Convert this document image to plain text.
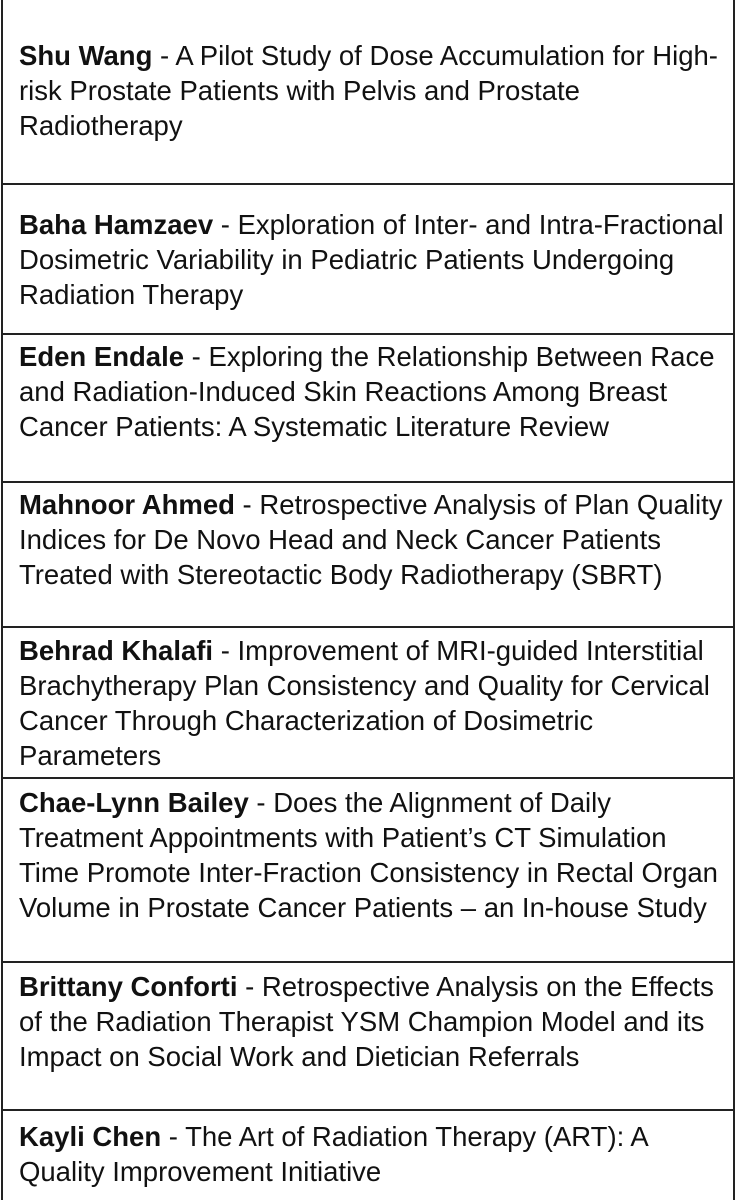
Shu Wang - A Pilot Study of Dose Accumulation for High-risk Prostate Patients with Pelvis and Prostate Radiotherapy
Baha Hamzaev - Exploration of Inter- and Intra-Fractional Dosimetric Variability in Pediatric Patients Undergoing Radiation Therapy
Eden Endale - Exploring the Relationship Between Race and Radiation-Induced Skin Reactions Among Breast Cancer Patients: A Systematic Literature Review
Mahnoor Ahmed - Retrospective Analysis of Plan Quality Indices for De Novo Head and Neck Cancer Patients Treated with Stereotactic Body Radiotherapy (SBRT)
Behrad Khalafi - Improvement of MRI-guided Interstitial Brachytherapy Plan Consistency and Quality for Cervical Cancer Through Characterization of Dosimetric Parameters
Chae-Lynn Bailey - Does the Alignment of Daily Treatment Appointments with Patient’s CT Simulation Time Promote Inter-Fraction Consistency in Rectal Organ Volume in Prostate Cancer Patients – an In-house Study
Brittany Conforti - Retrospective Analysis on the Effects of the Radiation Therapist YSM Champion Model and its Impact on Social Work and Dietician Referrals
Kayli Chen - The Art of Radiation Therapy (ART): A Quality Improvement Initiative
